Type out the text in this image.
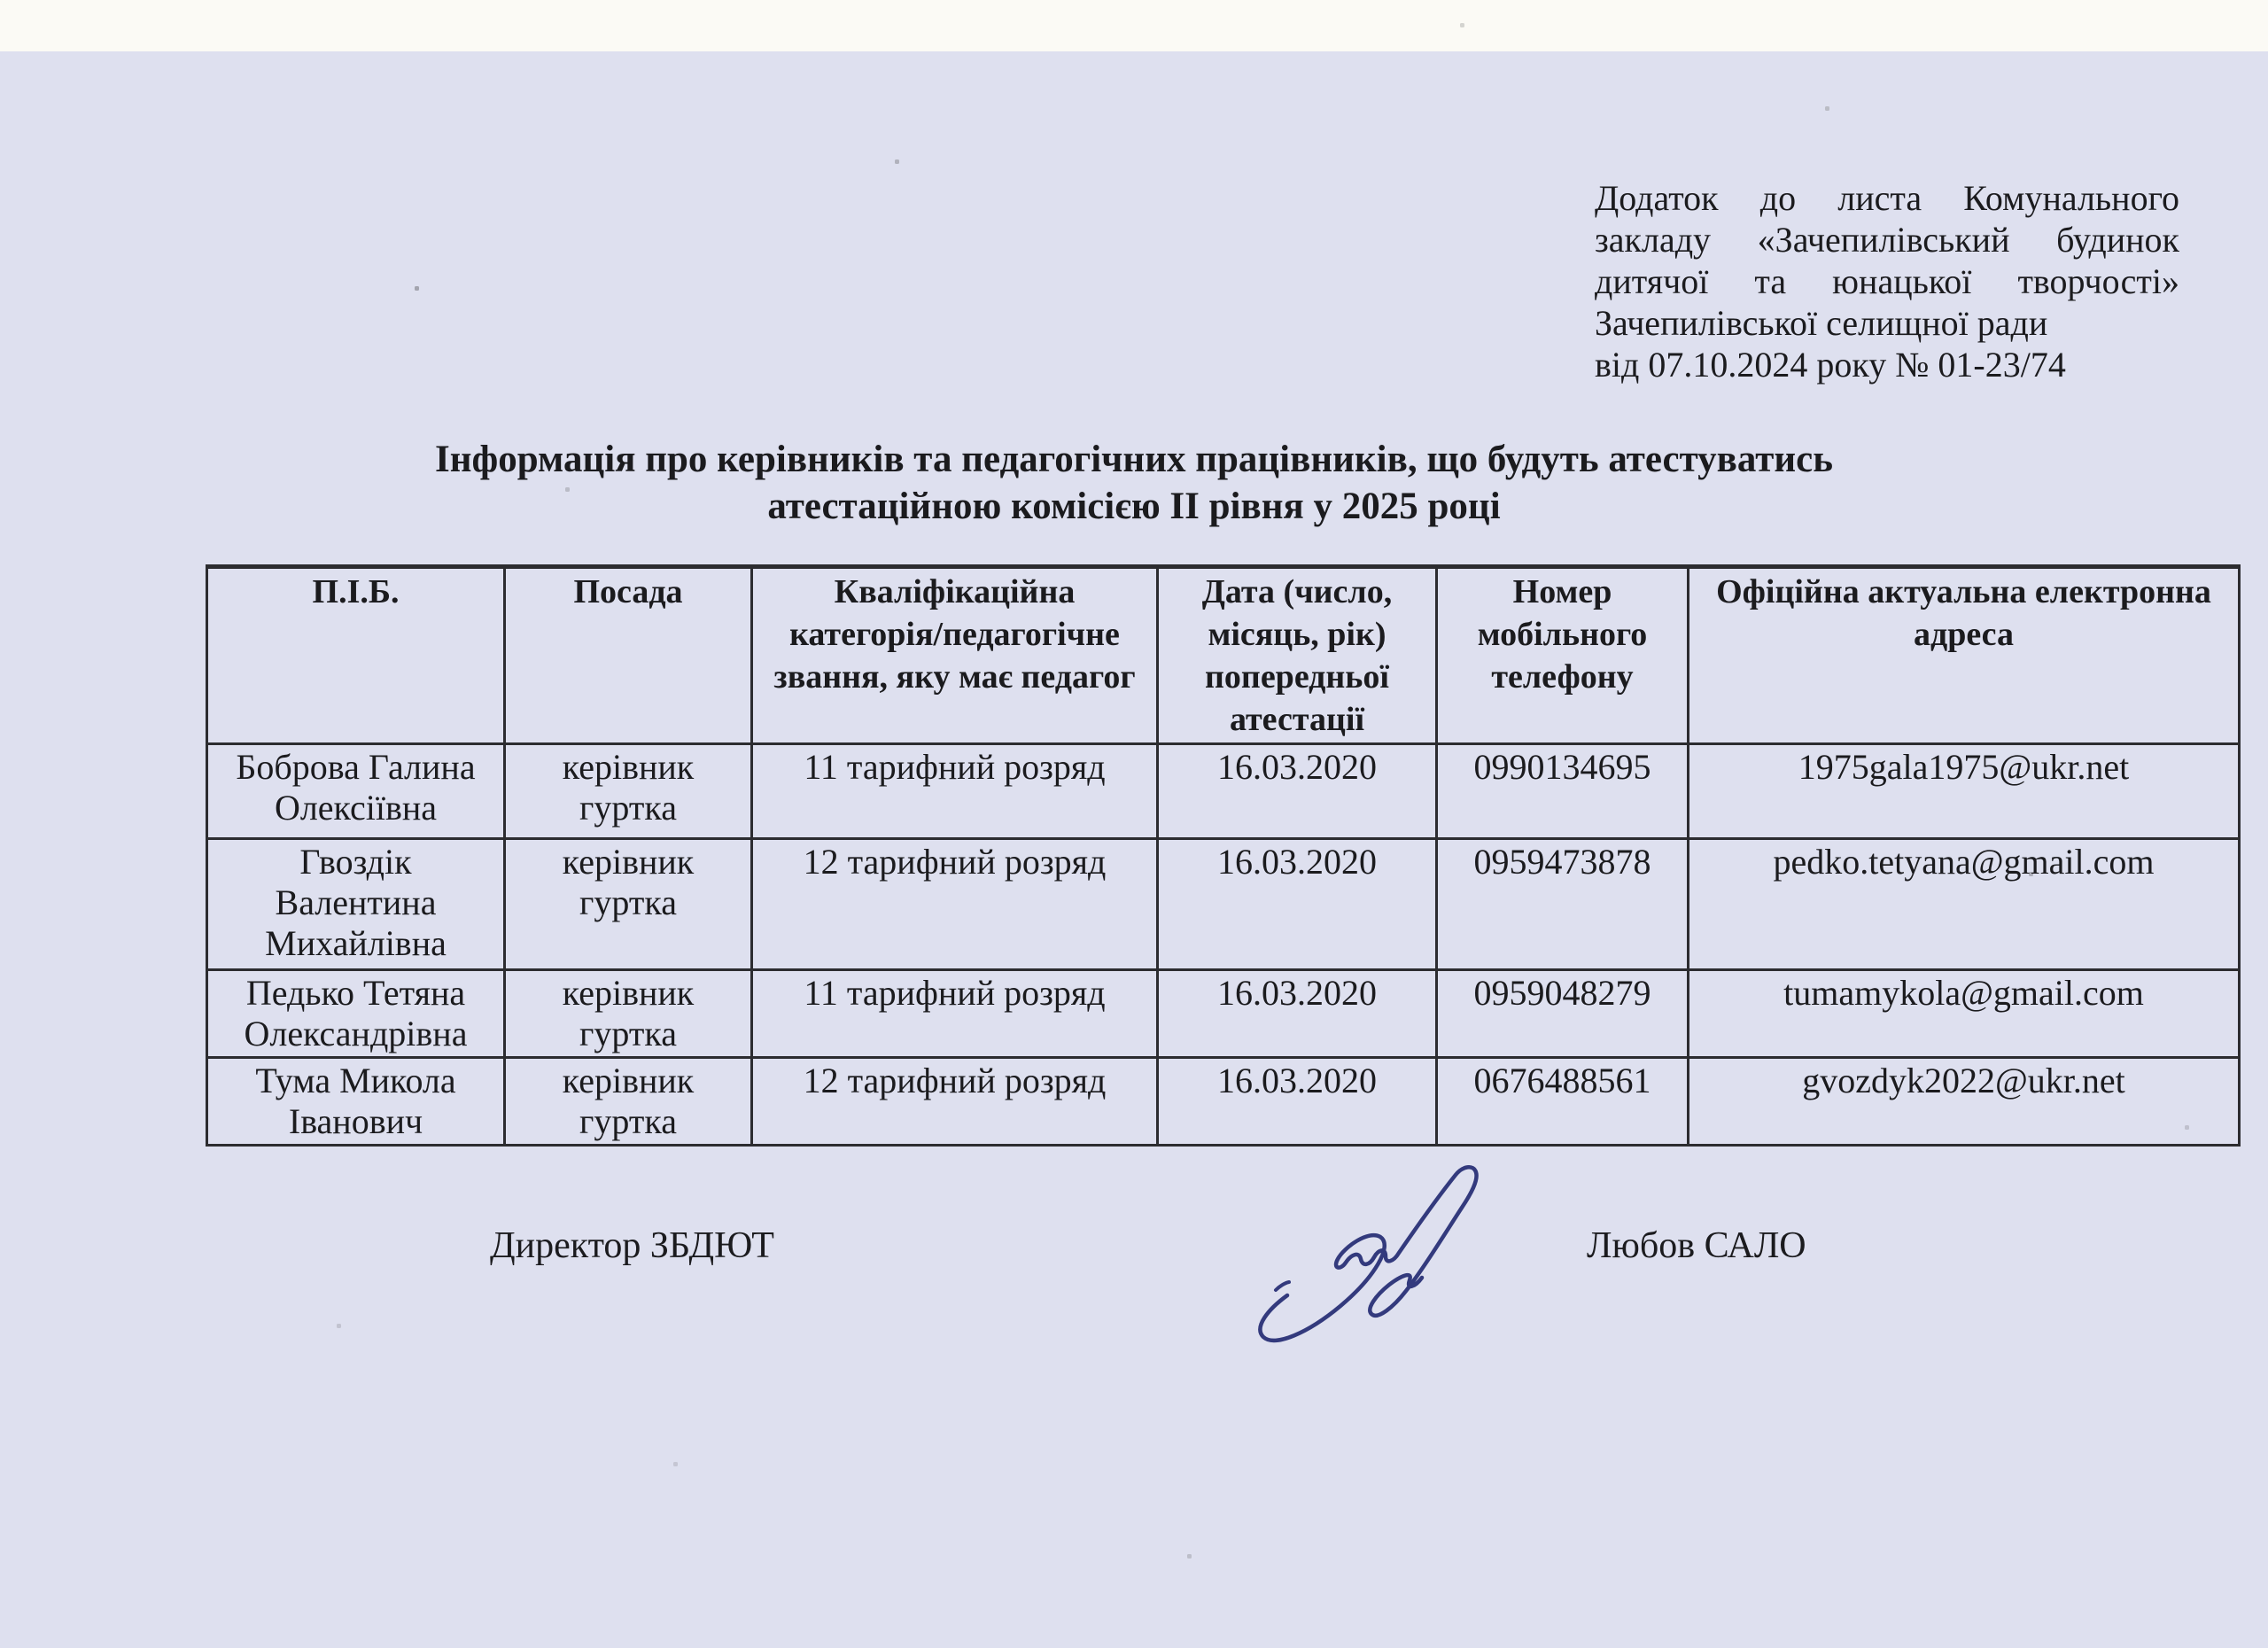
Додаток до листа Комунального
закладу «Зачепилівський будинок
дитячої та юнацької творчості»
Зачепилівської селищної ради
від 07.10.2024 року № 01-23/74
Інформація про керівників та педагогічних працівників, що будуть атестуватись
атестаційною комісією ІІ рівня у 2025 році
П.І.Б.	Посада	Кваліфікаційна категорія/педагогічне звання, яку має педагог	Дата (число, місяць, рік) попередньої атестації	Номер мобільного телефону	Офіційна актуальна електронна адреса
Боброва Галина Олексіївна	керівник гуртка	11 тарифний розряд	16.03.2020	0990134695	1975gala1975@ukr.net
Гвоздік Валентина Михайлівна	керівник гуртка	12 тарифний розряд	16.03.2020	0959473878	pedko.tetyana@gmail.com
Педько Тетяна Олександрівна	керівник гуртка	11 тарифний розряд	16.03.2020	0959048279	tumamykola@gmail.com
Тума Микола Іванович	керівник гуртка	12 тарифний розряд	16.03.2020	0676488561	gvozdyk2022@ukr.net
Директор ЗБДЮТ	Любов САЛО
